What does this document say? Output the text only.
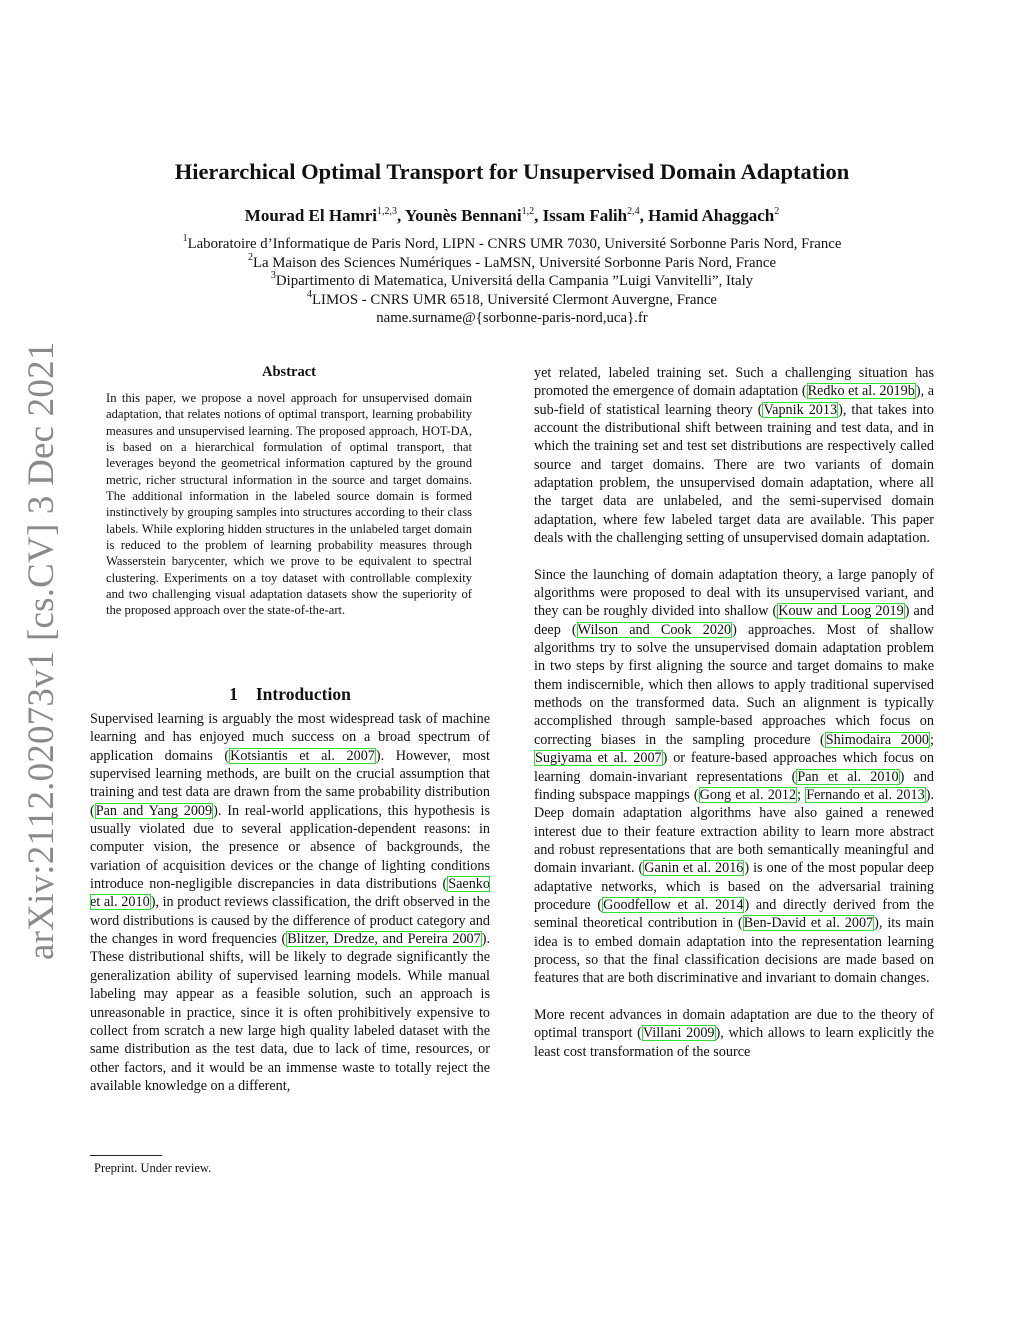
arXiv:2112.02073v1 [cs.CV] 3 Dec 2021
Hierarchical Optimal Transport for Unsupervised Domain Adaptation
Mourad El Hamri$^{1,2,3}$, Younès Bennani$^{1,2}$, Issam Falih$^{2,4}$, Hamid Ahaggach$^2$
$^1$Laboratoire d’Informatique de Paris Nord, LIPN - CNRS UMR 7030, Université Sorbonne Paris Nord, France
$^2$La Maison des Sciences Numériques - LaMSN, Université Sorbonne Paris Nord, France
$^3$Dipartimento di Matematica, Universitá della Campania ”Luigi Vanvitelli”, Italy
$^4$LIMOS - CNRS UMR 6518, Université Clermont Auvergne, France
name.surname@{sorbonne-paris-nord,uca}.fr
Abstract
In this paper, we propose a novel approach for unsupervised domain adaptation, that relates notions of optimal transport, learning probability measures and unsupervised learning. The proposed approach, HOT-DA, is based on a hierarchical formulation of optimal transport, that leverages beyond the geometrical information captured by the ground metric, richer structural information in the source and target domains. The additional information in the labeled source domain is formed instinctively by grouping samples into structures according to their class labels. While exploring hidden structures in the unlabeled target domain is reduced to the problem of learning probability measures through Wasserstein barycenter, which we prove to be equivalent to spectral clustering. Experiments on a toy dataset with controllable complexity and two challenging visual adaptation datasets show the superiority of the proposed approach over the state-of-the-art.
1 Introduction
Supervised learning is arguably the most widespread task of machine learning and has enjoyed much success on a broad spectrum of application domains (Kotsiantis et al. 2007). However, most supervised learning methods, are built on the crucial assumption that training and test data are drawn from the same probability distribution (Pan and Yang 2009). In real-world applications, this hypothesis is usually violated due to several application-dependent reasons: in computer vision, the presence or absence of backgrounds, the variation of acquisition devices or the change of lighting conditions introduce non-negligible discrepancies in data distributions (Saenko et al. 2010), in product reviews classification, the drift observed in the word distributions is caused by the difference of product category and the changes in word frequencies (Blitzer, Dredze, and Pereira 2007). These distributional shifts, will be likely to degrade significantly the generalization ability of supervised learning models. While manual labeling may appear as a feasible solution, such an approach is unreasonable in practice, since it is often prohibitively expensive to collect from scratch a new large high quality labeled dataset with the same distribution as the test data, due to lack of time, resources, or other factors, and it would be an immense waste to totally reject the available knowledge on a different,

yet related, labeled training set. Such a challenging situation has promoted the emergence of domain adaptation (Redko et al. 2019b), a sub-field of statistical learning theory (Vapnik 2013), that takes into account the distributional shift between training and test data, and in which the training set and test set distributions are respectively called source and target domains. There are two variants of domain adaptation problem, the unsupervised domain adaptation, where all the target data are unlabeled, and the semi-supervised domain adaptation, where few labeled target data are available. This paper deals with the challenging setting of unsupervised domain adaptation.

Since the launching of domain adaptation theory, a large panoply of algorithms were proposed to deal with its unsupervised variant, and they can be roughly divided into shallow (Kouw and Loog 2019) and deep (Wilson and Cook 2020) approaches. Most of shallow algorithms try to solve the unsupervised domain adaptation problem in two steps by first aligning the source and target domains to make them indiscernible, which then allows to apply traditional supervised methods on the transformed data. Such an alignment is typically accomplished through sample-based approaches which focus on correcting biases in the sampling procedure (Shimodaira 2000; Sugiyama et al. 2007) or feature-based approaches which focus on learning domain-invariant representations (Pan et al. 2010) and finding subspace mappings (Gong et al. 2012; Fernando et al. 2013). Deep domain adaptation algorithms have also gained a renewed interest due to their feature extraction ability to learn more abstract and robust representations that are both semantically meaningful and domain invariant. (Ganin et al. 2016) is one of the most popular deep adaptative networks, which is based on the adversarial training procedure (Goodfellow et al. 2014) and directly derived from the seminal theoretical contribution in (Ben-David et al. 2007), its main idea is to embed domain adaptation into the representation learning process, so that the final classification decisions are made based on features that are both discriminative and invariant to domain changes.

More recent advances in domain adaptation are due to the theory of optimal transport (Villani 2009), which allows to learn explicitly the least cost transformation of the source

Preprint. Under review.
